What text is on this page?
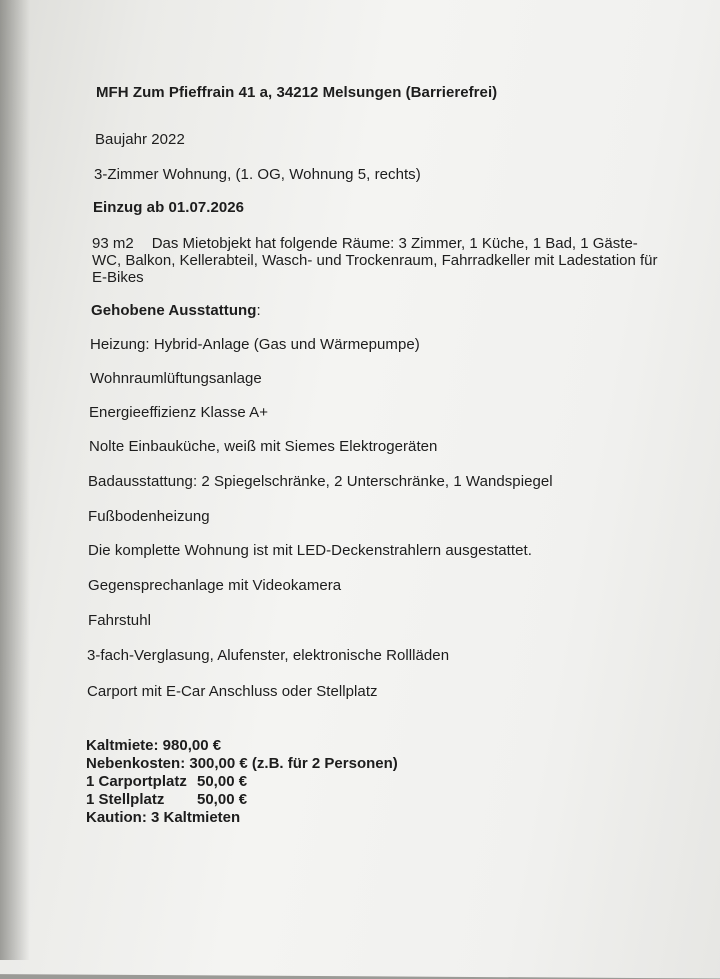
MFH Zum Pfieffrain 41 a, 34212 Melsungen (Barrierefrei)
Baujahr 2022
3-Zimmer Wohnung, (1. OG, Wohnung 5, rechts)
Einzug ab 01.07.2026
93 m2 Das Mietobjekt hat folgende Räume: 3 Zimmer, 1 Küche, 1 Bad, 1 Gäste-
WC, Balkon, Kellerabteil, Wasch- und Trockenraum, Fahrradkeller mit Ladestation für
E-Bikes
Gehobene Ausstattung:
Heizung: Hybrid-Anlage (Gas und Wärmepumpe)
Wohnraumlüftungsanlage
Energieeffizienz Klasse A+
Nolte Einbauküche, weiß mit Siemes Elektrogeräten
Badausstattung: 2 Spiegelschränke, 2 Unterschränke, 1 Wandspiegel
Fußbodenheizung
Die komplette Wohnung ist mit LED-Deckenstrahlern ausgestattet.
Gegensprechanlage mit Videokamera
Fahrstuhl
3-fach-Verglasung, Alufenster, elektronische Rollläden
Carport mit E-Car Anschluss oder Stellplatz
Kaltmiete: 980,00 €
Nebenkosten: 300,00 € (z.B. für 2 Personen)
1 Carportplatz 50,00 €
1 Stellplatz 50,00 €
Kaution: 3 Kaltmieten
